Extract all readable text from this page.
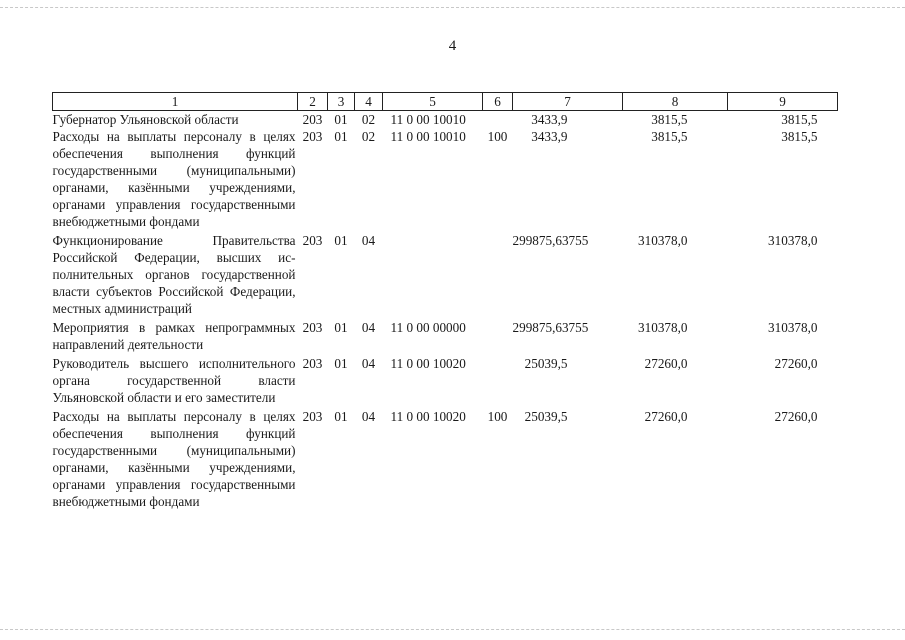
4
1	2	3	4	5	6	7	8	9
Губернатор Ульяновской области	203	01	02	11 0 00 10010		3433,9	3815,5	3815,5
Расходы на выплаты персоналу в целях обеспечения выполнения функций государственными (муниципальными) органами, казёнными учреждениями, органами управления государственными внебюджетными фондами	203	01	02	11 0 00 10010	100	3433,9	3815,5	3815,5
Функционирование Правительства Российской Федерации, высших исполнительных органов государственной власти субъектов Российской Федерации, местных администраций	203	01	04			299875,63755	310378,0	310378,0
Мероприятия в рамках непрограммных направлений деятельности	203	01	04	11 0 00 00000		299875,63755	310378,0	310378,0
Руководитель высшего исполнительного органа государственной власти Ульяновской области и его заместители	203	01	04	11 0 00 10020		25039,5	27260,0	27260,0
Расходы на выплаты персоналу в целях обеспечения выполнения функций государственными (муниципальными) органами, казёнными учреждениями, органами управления государственными внебюджетными фондами	203	01	04	11 0 00 10020	100	25039,5	27260,0	27260,0
